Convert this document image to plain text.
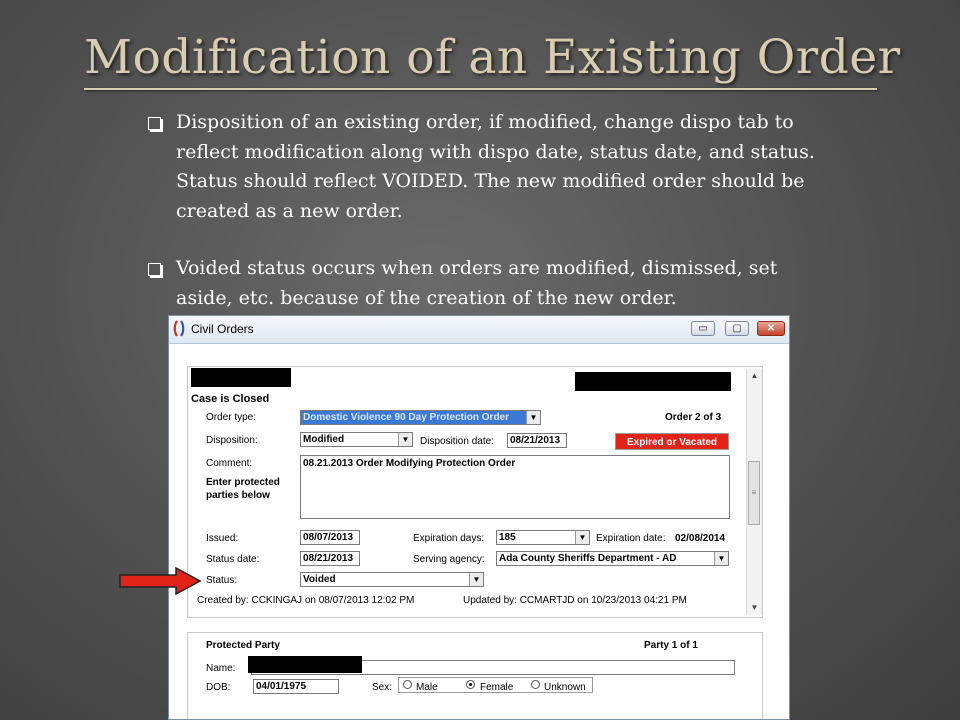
Modification of an Existing Order
Disposition of an existing order, if modified, change dispo tab to reflect modification along with dispo date, status date, and status. Status should reflect VOIDED. The new modified order should be created as a new order.
Voided status occurs when orders are modified, dismissed, set aside, etc. because of the creation of the new order.
Civil Orders	▭	▢	✕
Case is Closed
Order type:	Domestic Violence 90 Day Protection Order	▼	Order 2 of 3
Disposition:	Modified	▼ Disposition date:	08/21/2013	Expired or Vacated
Comment:	08.21.2013 Order Modifying Protection Order
Enter protected parties below
Issued:	08/07/2013	Expiration days:	185	▼ Expiration date: 02/08/2014
Status date:	08/21/2013	Serving agency:	Ada County Sheriffs Department - AD	▼
Status:	Voided	▼
Created by: CCKINGAJ on 08/07/2013 12:02 PM	Updated by: CCMARTJD on 10/23/2013 04:21 PM
▲
≡
▼
Protected Party	Party 1 of 1
Name:
DOB:	04/01/1975	Sex: Male	Female	Unknown
